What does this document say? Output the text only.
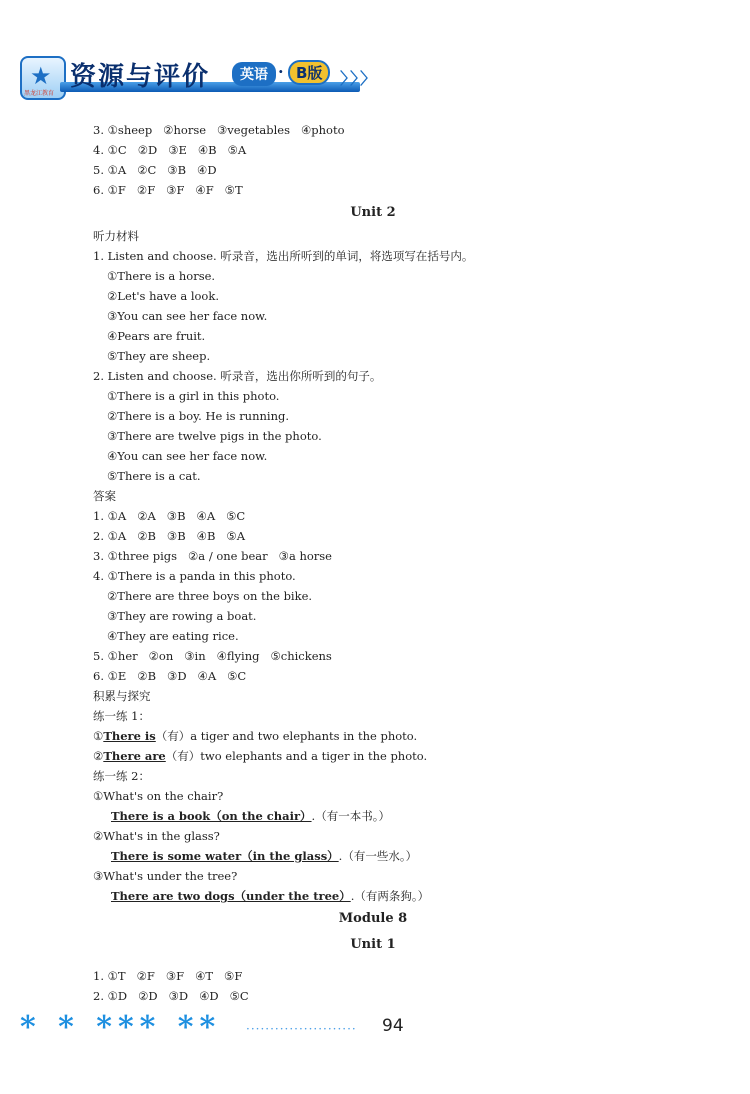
★
黑龙江教育
资源与评价	英语 · B版	〉〉〉
3. ①sheep   ②horse   ③vegetables   ④photo
4. ①C   ②D   ③E   ④B   ⑤A
5. ①A   ②C   ③B   ④D
6. ①F   ②F   ③F   ④F   ⑤T
Unit 2
听力材料
1. Listen and choose. 听录音，选出所听到的单词，将选项写在括号内。
①There is a horse.
②Let's have a look.
③You can see her face now.
④Pears are fruit.
⑤They are sheep.
2. Listen and choose. 听录音，选出你所听到的句子。
①There is a girl in this photo.
②There is a boy. He is running.
③There are twelve pigs in the photo.
④You can see her face now.
⑤There is a cat.
答案
1. ①A   ②A   ③B   ④A   ⑤C
2. ①A   ②B   ③B   ④B   ⑤A
3. ①three pigs   ②a / one bear   ③a horse
4. ①There is a panda in this photo.
②There are three boys on the bike.
③They are rowing a boat.
④They are eating rice.
5. ①her   ②on   ③in   ④flying   ⑤chickens
6. ①E   ②B   ③D   ④A   ⑤C
积累与探究
练一练 1：
①There is（有）a tiger and two elephants in the photo.
②There are（有）two elephants and a tiger in the photo.
练一练 2：
①What's on the chair?
There is a book（on the chair）.（有一本书。）
②What's in the glass?
There is some water（in the glass）.（有一些水。）
③What's under the tree?
There are two dogs（under the tree）.（有两条狗。）
Module 8
Unit 1
1. ①T   ②F   ③F   ④T   ⑤F
2. ①D   ②D   ③D   ④D   ⑤C
* * *** ** ······················· 94
